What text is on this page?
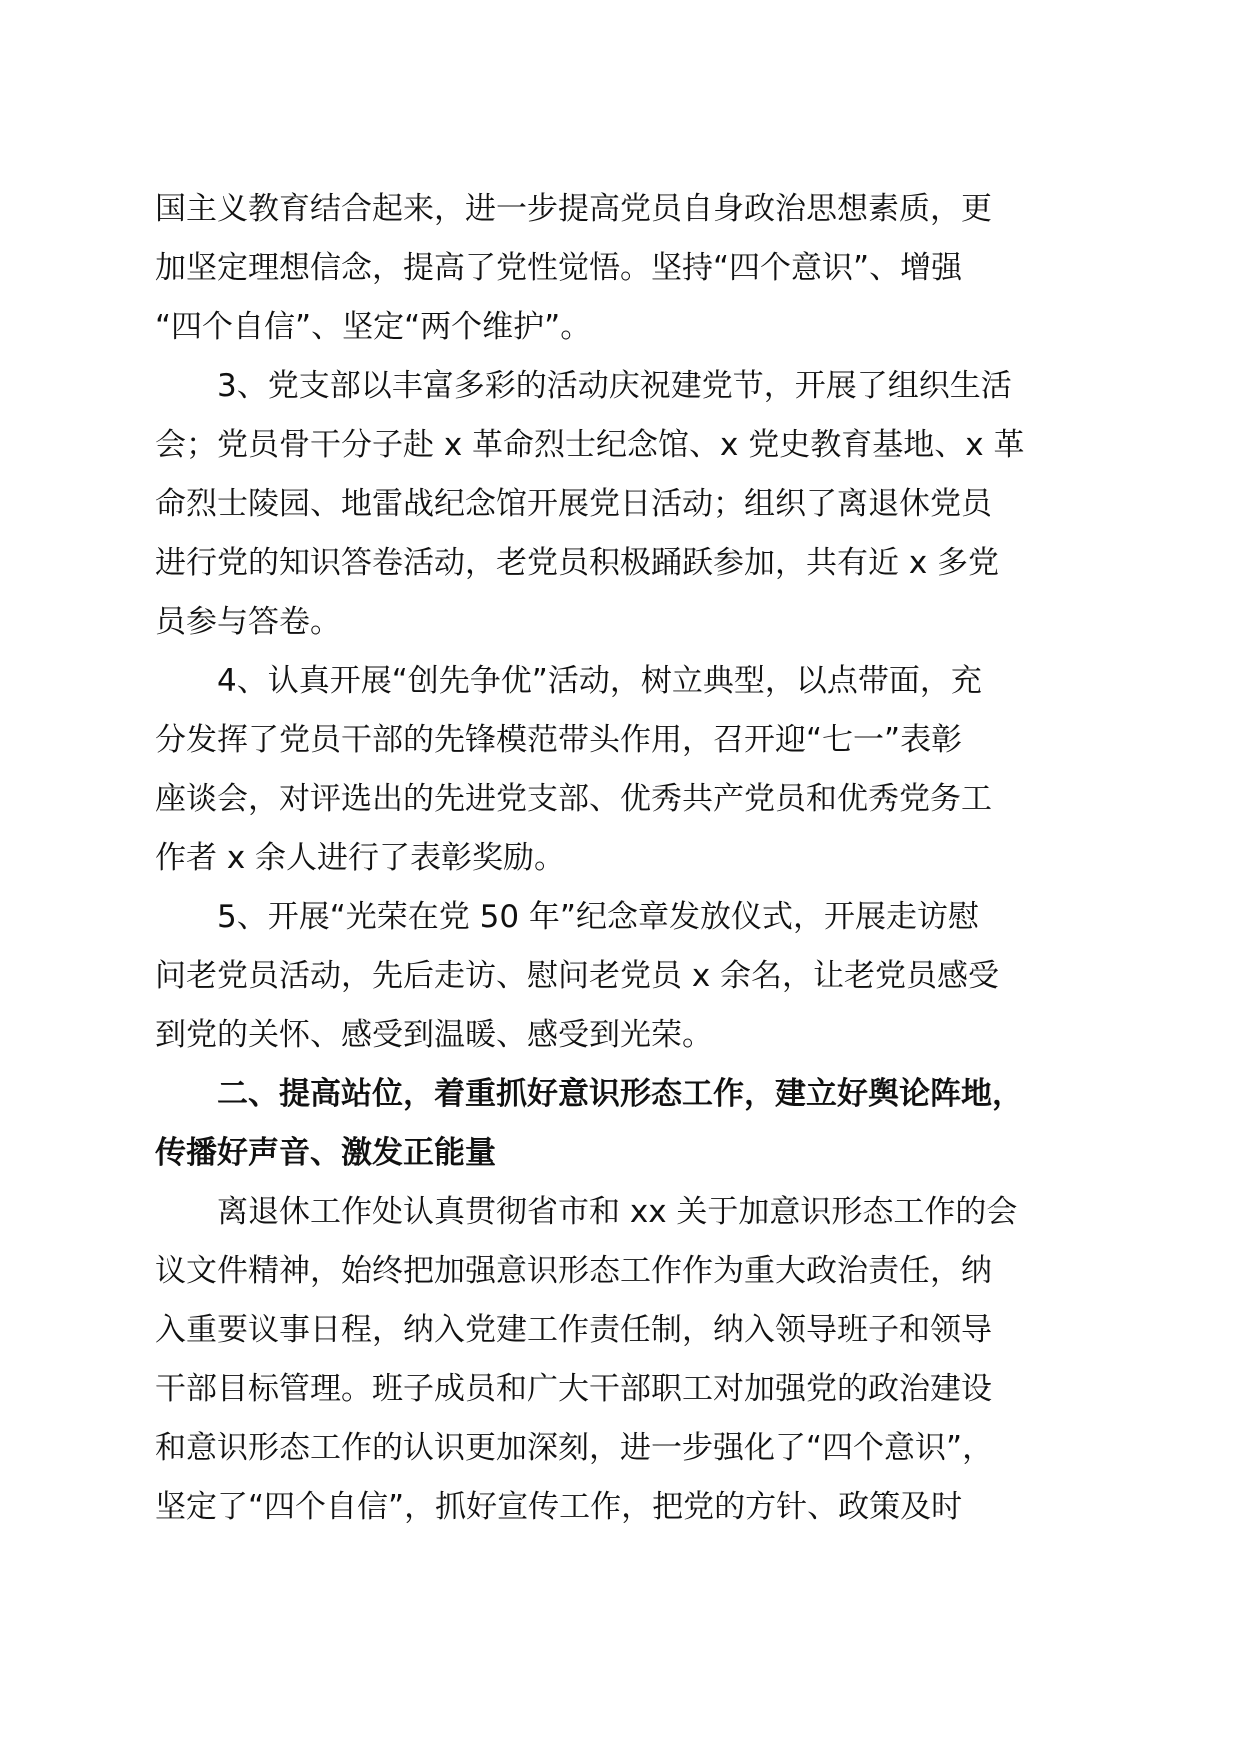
国主义教育结合起来，进一步提高党员自身政治思想素质，更
加坚定理想信念，提高了党性觉悟。坚持“四个意识”、增强
“四个自信”、坚定“两个维护”。

3、党支部以丰富多彩的活动庆祝建党节，开展了组织生活
会；党员骨干分子赴 x 革命烈士纪念馆、x 党史教育基地、x 革
命烈士陵园、地雷战纪念馆开展党日活动；组织了离退休党员
进行党的知识答卷活动，老党员积极踊跃参加，共有近 x 多党
员参与答卷。

4、认真开展“创先争优”活动，树立典型，以点带面，充
分发挥了党员干部的先锋模范带头作用，召开迎“七一”表彰
座谈会，对评选出的先进党支部、优秀共产党员和优秀党务工
作者 x 余人进行了表彰奖励。

5、开展“光荣在党 50 年”纪念章发放仪式，开展走访慰
问老党员活动，先后走访、慰问老党员 x 余名，让老党员感受
到党的关怀、感受到温暖、感受到光荣。

二、提高站位，着重抓好意识形态工作，建立好舆论阵地，
传播好声音、激发正能量

离退休工作处认真贯彻省市和 xx 关于加意识形态工作的会
议文件精神，始终把加强意识形态工作作为重大政治责任，纳
入重要议事日程，纳入党建工作责任制，纳入领导班子和领导
干部目标管理。班子成员和广大干部职工对加强党的政治建设
和意识形态工作的认识更加深刻，进一步强化了“四个意识”，
坚定了“四个自信”，抓好宣传工作，把党的方针、政策及时
